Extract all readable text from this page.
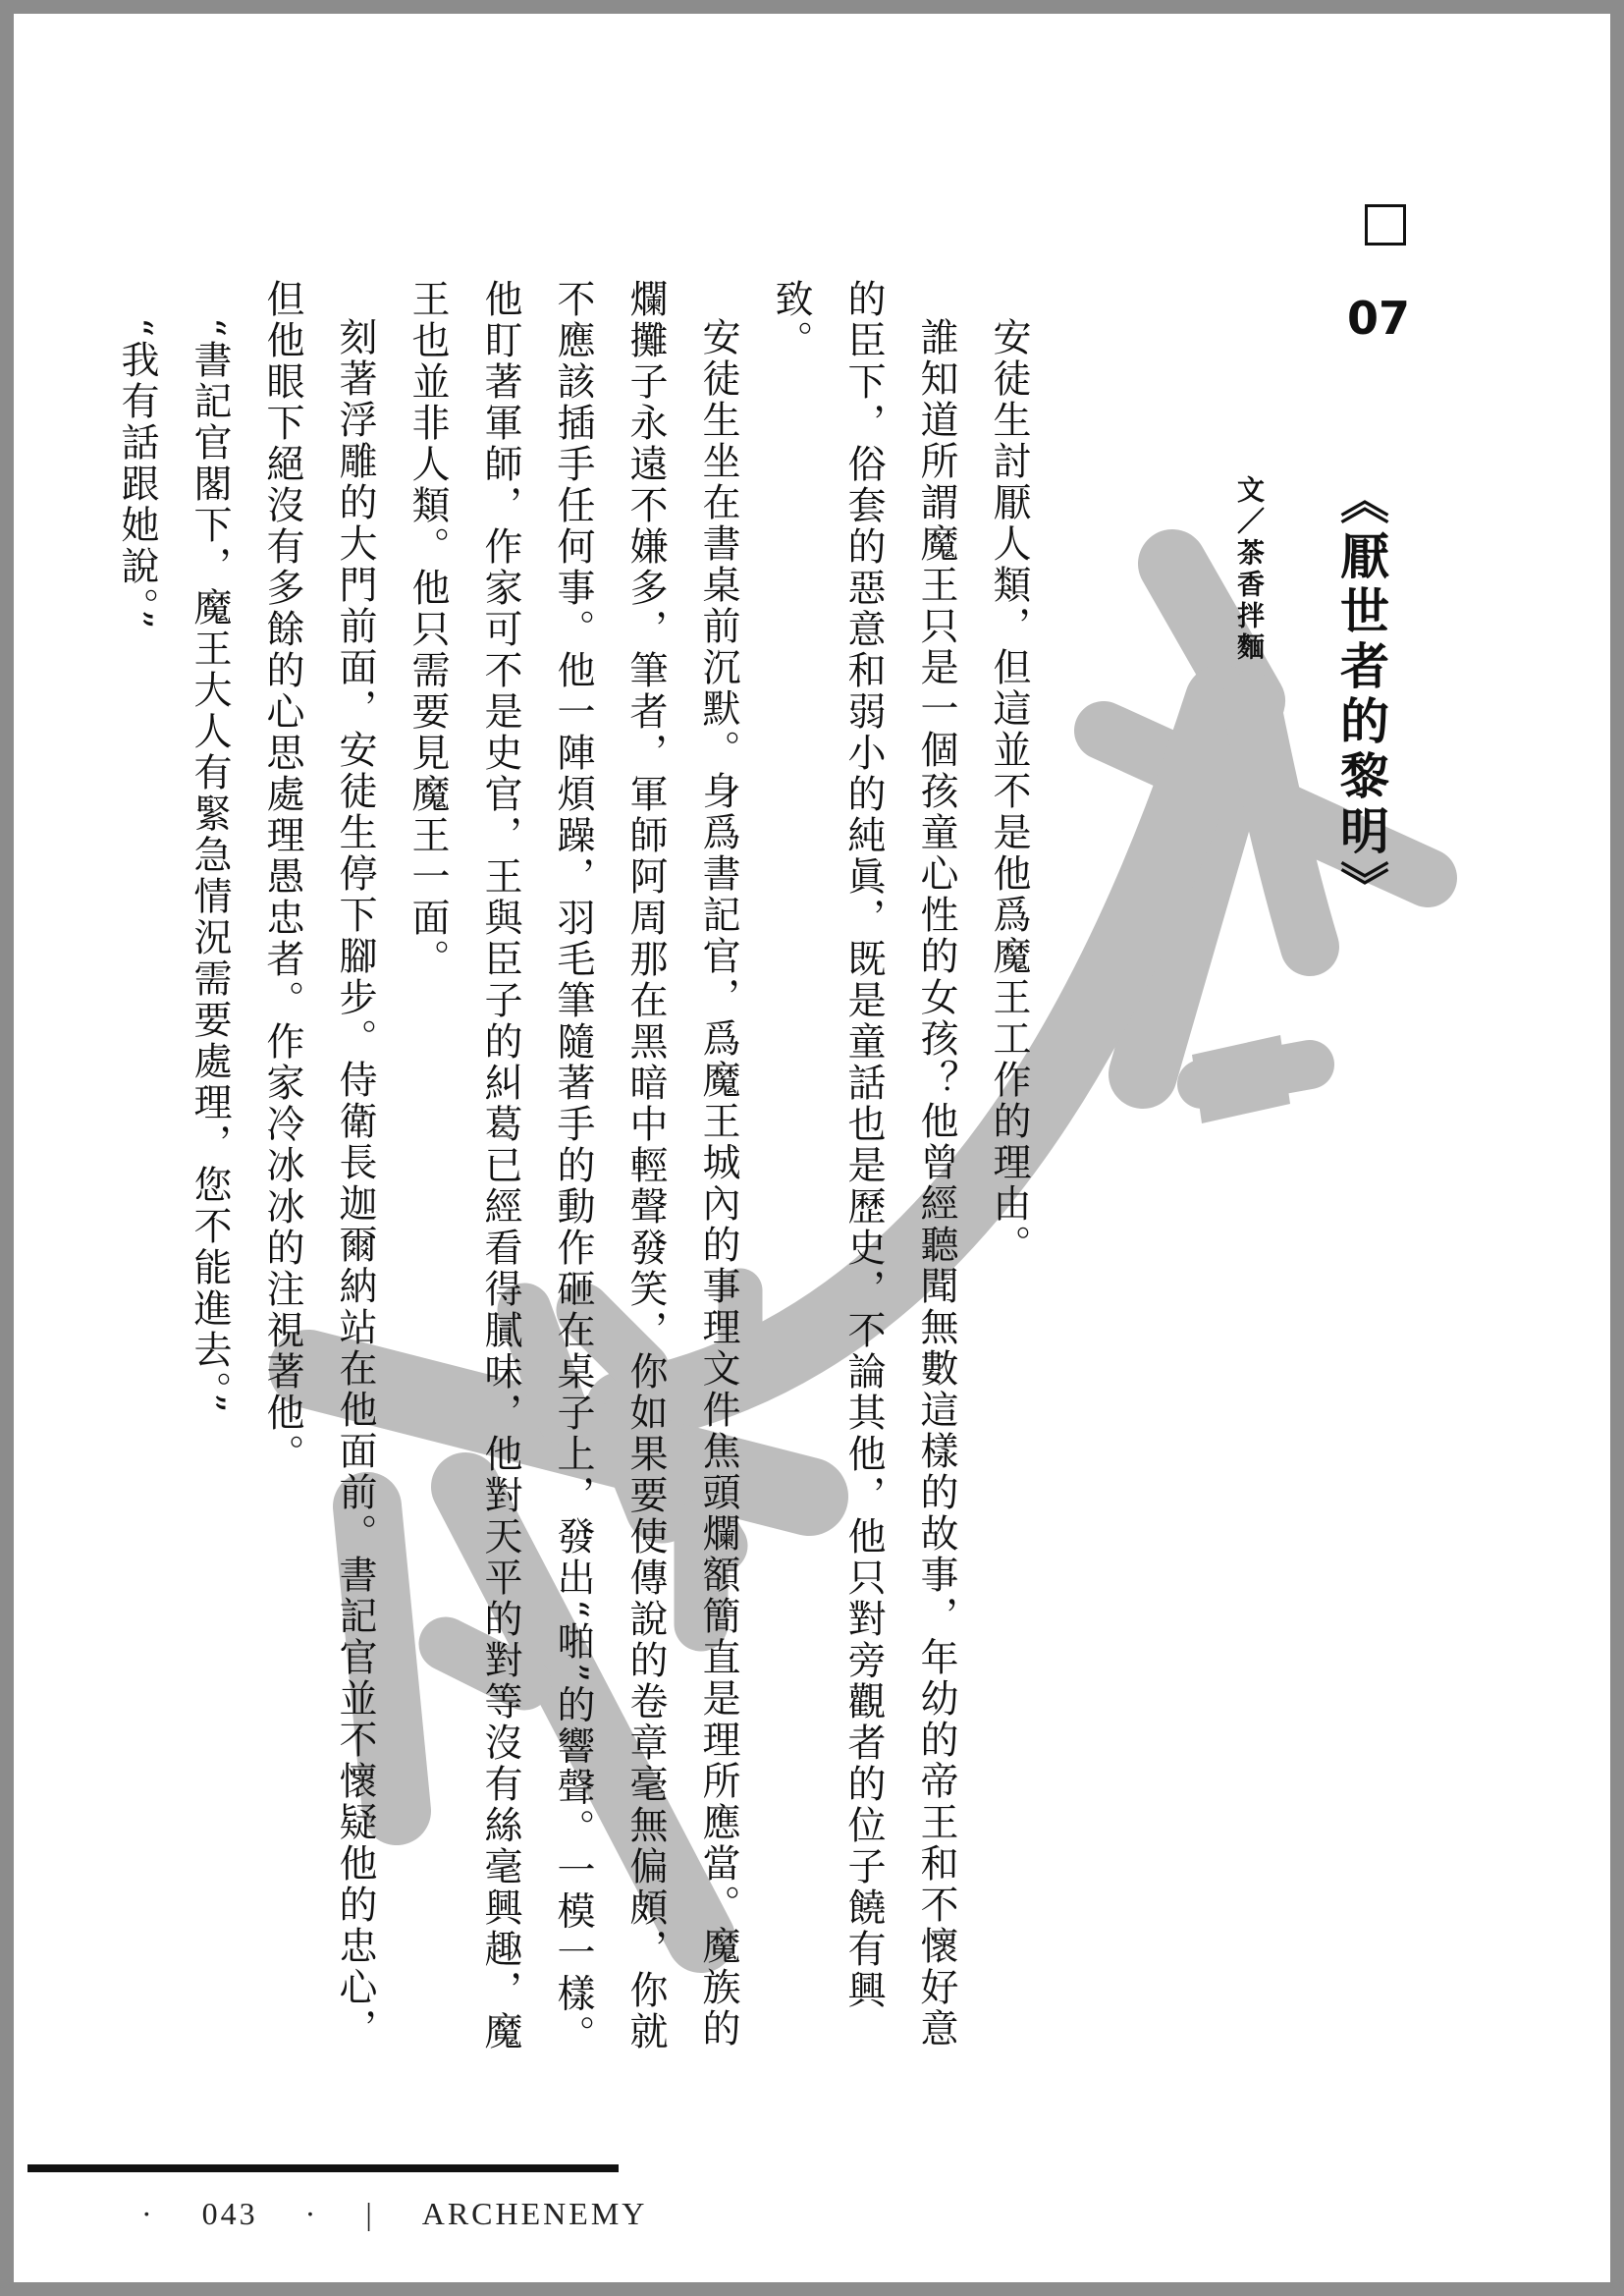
07
《厭世者的黎明》
文／茶香拌麵

安徒生討厭人類，但這並不是他爲魔王工作的理由。

誰知道所謂魔王只是一個孩童心性的女孩？他曾經聽聞無數這樣的故事，年幼的帝王和不懷好意的臣下，俗套的惡意和弱小的純眞，既是童話也是歷史，不論其他，他只對旁觀者的位子饒有興致。

安徒生坐在書桌前沉默。身爲書記官，爲魔王城內的事理文件焦頭爛額簡直是理所應當。魔族的爛攤子永遠不嫌多，筆者，軍師阿周那在黑暗中輕聲發笑，你如果要使傳說的卷章毫無偏頗，你就不應該插手任何事。他一陣煩躁，羽毛筆隨著手的動作砸在桌子上，發出“啪”的響聲。一模一樣。他盯著軍師，作家可不是史官，王與臣子的糾葛已經看得膩味，他對天平的對等沒有絲毫興趣，魔王也並非人類。他只需要見魔王一面。

刻著浮雕的大門前面，安徒生停下腳步。侍衛長迦爾納站在他面前。書記官並不懷疑他的忠心，但他眼下絕沒有多餘的心思處理愚忠者。作家冷冰冰的注視著他。

“書記官閣下，魔王大人有緊急情況需要處理，您不能進去。”

“我有話跟她說。”

· 043 · | ARCHENEMY
